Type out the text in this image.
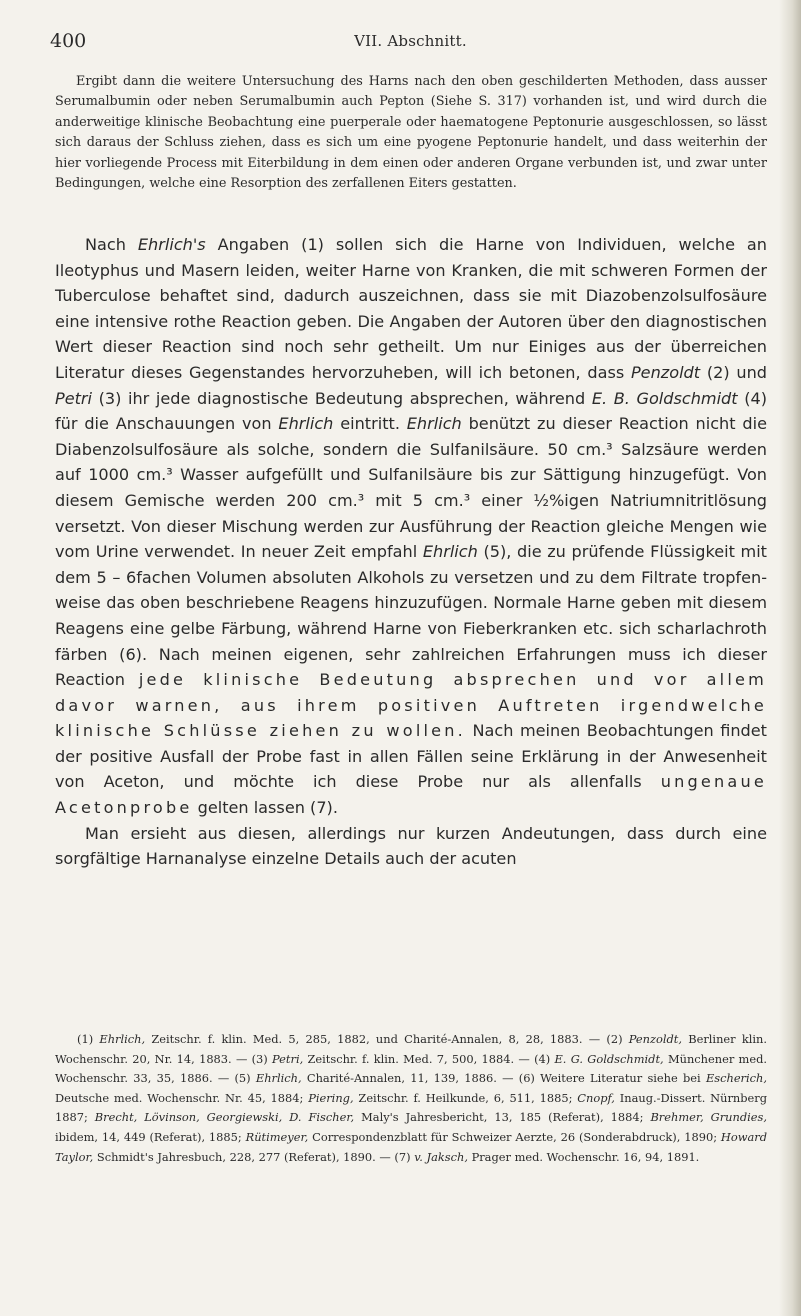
400	VII. Abschnitt.
Ergibt dann die weitere Untersuchung des Harns nach den oben geschilderten Methoden, dass ausser Serumalbumin oder neben Serumalbumin auch Pepton (Siehe S. 317) vorhanden ist, und wird durch die anderweitige klinische Beobachtung eine puerperale oder haematogene Peptonurie ausgeschlossen, so lässt sich daraus der Schluss ziehen, dass es sich um eine pyogene Peptonurie handelt, und dass weiterhin der hier vorliegende Process mit Eiterbildung in dem einen oder anderen Organe verbunden ist, und zwar unter Bedingungen, welche eine Resorption des zerfallenen Eiters gestatten.

Nach Ehrlich's Angaben (1) sollen sich die Harne von Individuen, welche an Ileotyphus und Masern leiden, weiter Harne von Kranken, die mit schweren Formen der Tuberculose behaftet sind, dadurch auszeichnen, dass sie mit Diazobenzolsulfosäure eine intensive rothe Reaction geben. Die Angaben der Autoren über den diagnostischen Wert dieser Reaction sind noch sehr getheilt. Um nur Einiges aus der überreichen Literatur dieses Gegenstandes hervorzuheben, will ich betonen, dass Penzoldt (2) und Petri (3) ihr jede diagnostische Bedeutung absprechen, während E. B. Goldschmidt (4) für die Anschauungen von Ehrlich eintritt. Ehrlich benützt zu dieser Reaction nicht die Diabenzolsulfosäure als solche, sondern die Sulfanilsäure. 50 cm.³ Salzsäure werden auf 1000 cm.³ Wasser aufgefüllt und Sulfanilsäure bis zur Sättigung hinzugefügt. Von diesem Gemische werden 200 cm.³ mit 5 cm.³ einer ½%igen Natriumnitritlösung versetzt. Von dieser Mischung werden zur Ausführung der Reaction gleiche Mengen wie vom Urine verwendet. In neuer Zeit empfahl Ehrlich (5), die zu prüfende Flüssigkeit mit dem 5 – 6fachen Volumen absoluten Alkohols zu versetzen und zu dem Filtrate tropfenweise das oben beschriebene Reagens hinzuzufügen. Normale Harne geben mit diesem Reagens eine gelbe Färbung, während Harne von Fieberkranken etc. sich scharlachroth färben (6). Nach meinen eigenen, sehr zahlreichen Erfahrungen muss ich dieser Reaction jede klinische Bedeutung absprechen und vor allem davor warnen, aus ihrem positiven Auftreten irgendwelche klinische Schlüsse ziehen zu wollen. Nach meinen Beobachtungen findet der positive Ausfall der Probe fast in allen Fällen seine Erklärung in der Anwesenheit von Aceton, und möchte ich diese Probe nur als allenfalls ungenaue Acetonprobe gelten lassen (7).

Man ersieht aus diesen, allerdings nur kurzen Andeutungen, dass durch eine sorgfältige Harnanalyse einzelne Details auch der acuten

(1) Ehrlich, Zeitschr. f. klin. Med. 5, 285, 1882, und Charité-Annalen, 8, 28, 1883. — (2) Penzoldt, Berliner klin. Wochenschr. 20, Nr. 14, 1883. — (3) Petri, Zeitschr. f. klin. Med. 7, 500, 1884. — (4) E. G. Goldschmidt, Münchener med. Wochenschr. 33, 35, 1886. — (5) Ehrlich, Charité-Annalen, 11, 139, 1886. — (6) Weitere Literatur siehe bei Escherich, Deutsche med. Wochenschr. Nr. 45, 1884; Piering, Zeitschr. f. Heilkunde, 6, 511, 1885; Cnopf, Inaug.-Dissert. Nürnberg 1887; Brecht, Lövinson, Georgiewski, D. Fischer, Maly's Jahresbericht, 13, 185 (Referat), 1884; Brehmer, Grundies, ibidem, 14, 449 (Referat), 1885; Rütimeyer, Correspondenzblatt für Schweizer Aerzte, 26 (Sonderabdruck), 1890; Howard Taylor, Schmidt's Jahresbuch, 228, 277 (Referat), 1890. — (7) v. Jaksch, Prager med. Wochenschr. 16, 94, 1891.
